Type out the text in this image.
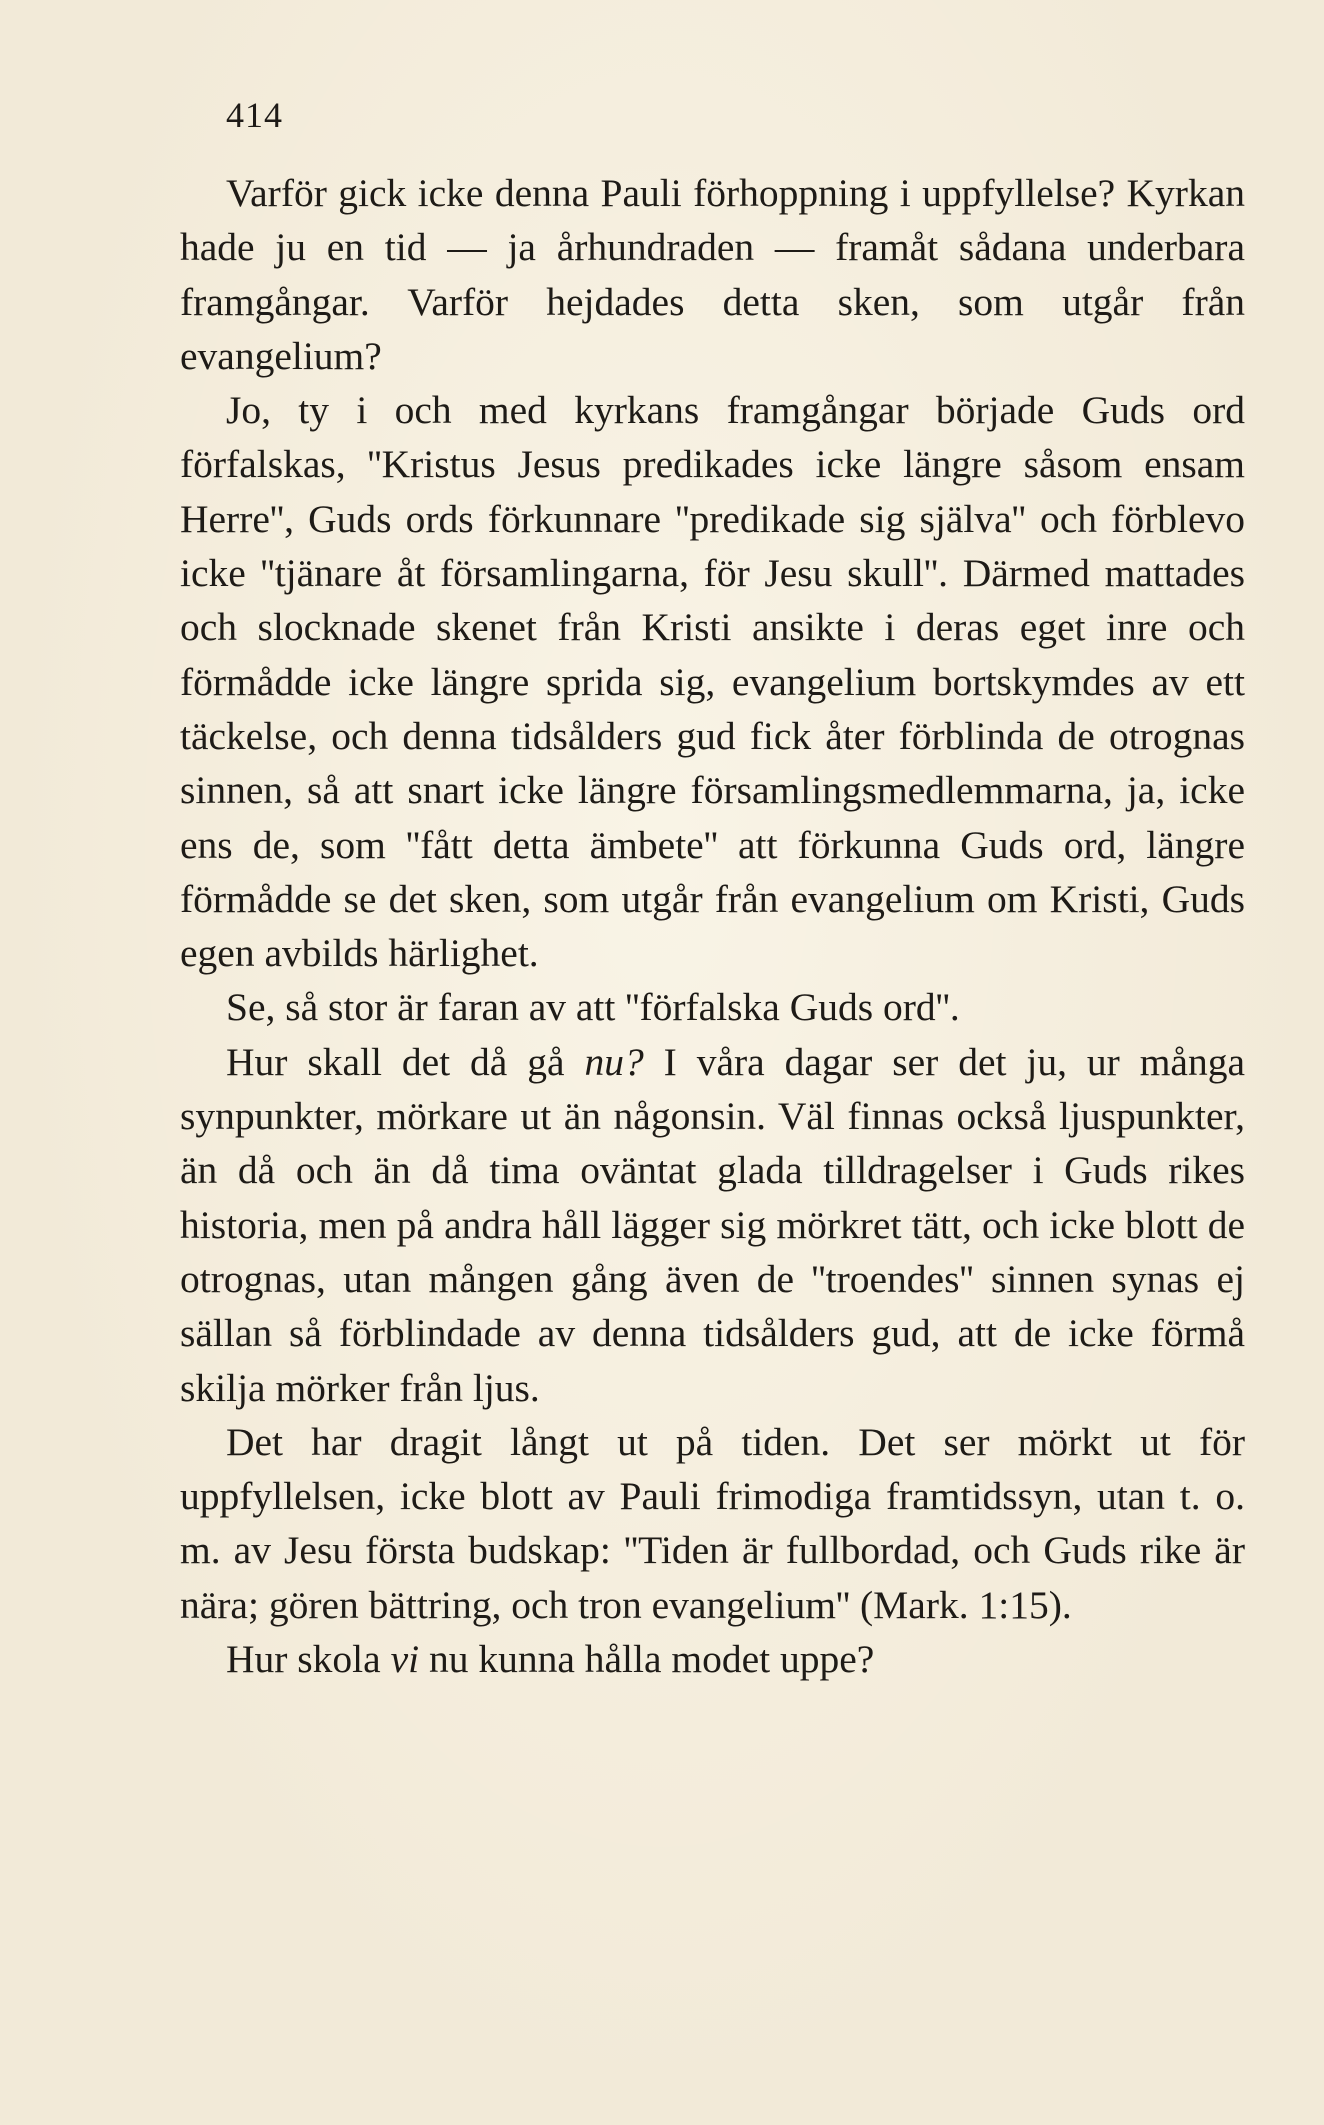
414

Varför gick icke denna Pauli förhoppning i uppfyllelse? Kyrkan hade ju en tid — ja århundraden — framåt sådana underbara framgångar. Varför hejdades detta sken, som utgår från evangelium?

Jo, ty i och med kyrkans framgångar började Guds ord förfalskas, ''Kristus Jesus predikades icke längre såsom ensam Herre'', Guds ords förkunnare ''predikade sig själva'' och förblevo icke ''tjänare åt församlingarna, för Jesu skull''. Därmed mattades och slocknade skenet från Kristi ansikte i deras eget inre och förmådde icke längre sprida sig, evangelium bortskymdes av ett täckelse, och denna tidsålders gud fick åter förblinda de otrognas sinnen, så att snart icke längre församlingsmedlemmarna, ja, icke ens de, som ''fått detta ämbete'' att förkunna Guds ord, längre förmådde se det sken, som utgår från evangelium om Kristi, Guds egen avbilds härlighet.

Se, så stor är faran av att ''förfalska Guds ord''.

Hur skall det då gå nu? I våra dagar ser det ju, ur många synpunkter, mörkare ut än någonsin. Väl finnas också ljuspunkter, än då och än då tima oväntat glada tilldragelser i Guds rikes historia, men på andra håll lägger sig mörkret tätt, och icke blott de otrognas, utan mången gång även de ''troendes'' sinnen synas ej sällan så förblindade av denna tidsålders gud, att de icke förmå skilja mörker från ljus.

Det har dragit långt ut på tiden. Det ser mörkt ut för uppfyllelsen, icke blott av Pauli frimodiga framtidssyn, utan t. o. m. av Jesu första budskap: ''Tiden är fullbordad, och Guds rike är nära; gören bättring, och tron evangelium'' (Mark. 1:15).

Hur skola vi nu kunna hålla modet uppe?
